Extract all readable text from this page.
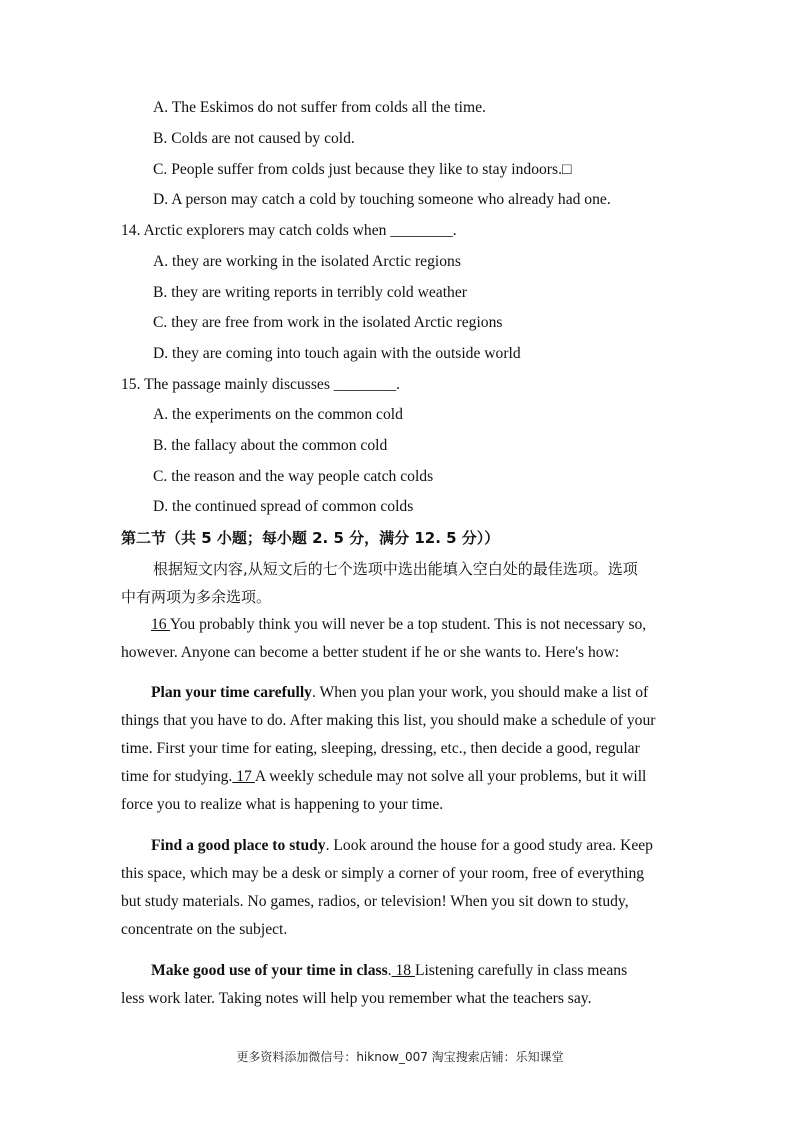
A. The Eskimos do not suffer from colds all the time.
B. Colds are not caused by cold.
C. People suffer from colds just because they like to stay indoors.□
D. A person may catch a cold by touching someone who already had one.
14. Arctic explorers may catch colds when ________.
A. they are working in the isolated Arctic regions
B. they are writing reports in terribly cold weather
C. they are free from work in the isolated Arctic regions
D. they are coming into touch again with the outside world
15. The passage mainly discusses ________.
A. the experiments on the common cold
B. the fallacy about the common cold
C. the reason and the way people catch colds
D. the continued spread of common colds
第二节（共 5 小题；每小题 2. 5 分，满分 12. 5 分））
根据短文内容,从短文后的七个选项中选出能填入空白处的最佳选项。选项
中有两项为多余选项。
16 You probably think you will never be a top student. This is not necessary so,
however. Anyone can become a better student if he or she wants to. Here's how:
Plan your time carefully. When you plan your work, you should make a list of
things that you have to do. After making this list, you should make a schedule of your
time. First your time for eating, sleeping, dressing, etc., then decide a good, regular
time for studying. 17 A weekly schedule may not solve all your problems, but it will
force you to realize what is happening to your time.
Find a good place to study. Look around the house for a good study area. Keep
this space, which may be a desk or simply a corner of your room, free of everything
but study materials. No games, radios, or television! When you sit down to study,
concentrate on the subject.
Make good use of your time in class. 18 Listening carefully in class means
less work later. Taking notes will help you remember what the teachers say.
更多资料添加微信号：hiknow_007 淘宝搜索店铺：乐知课堂
